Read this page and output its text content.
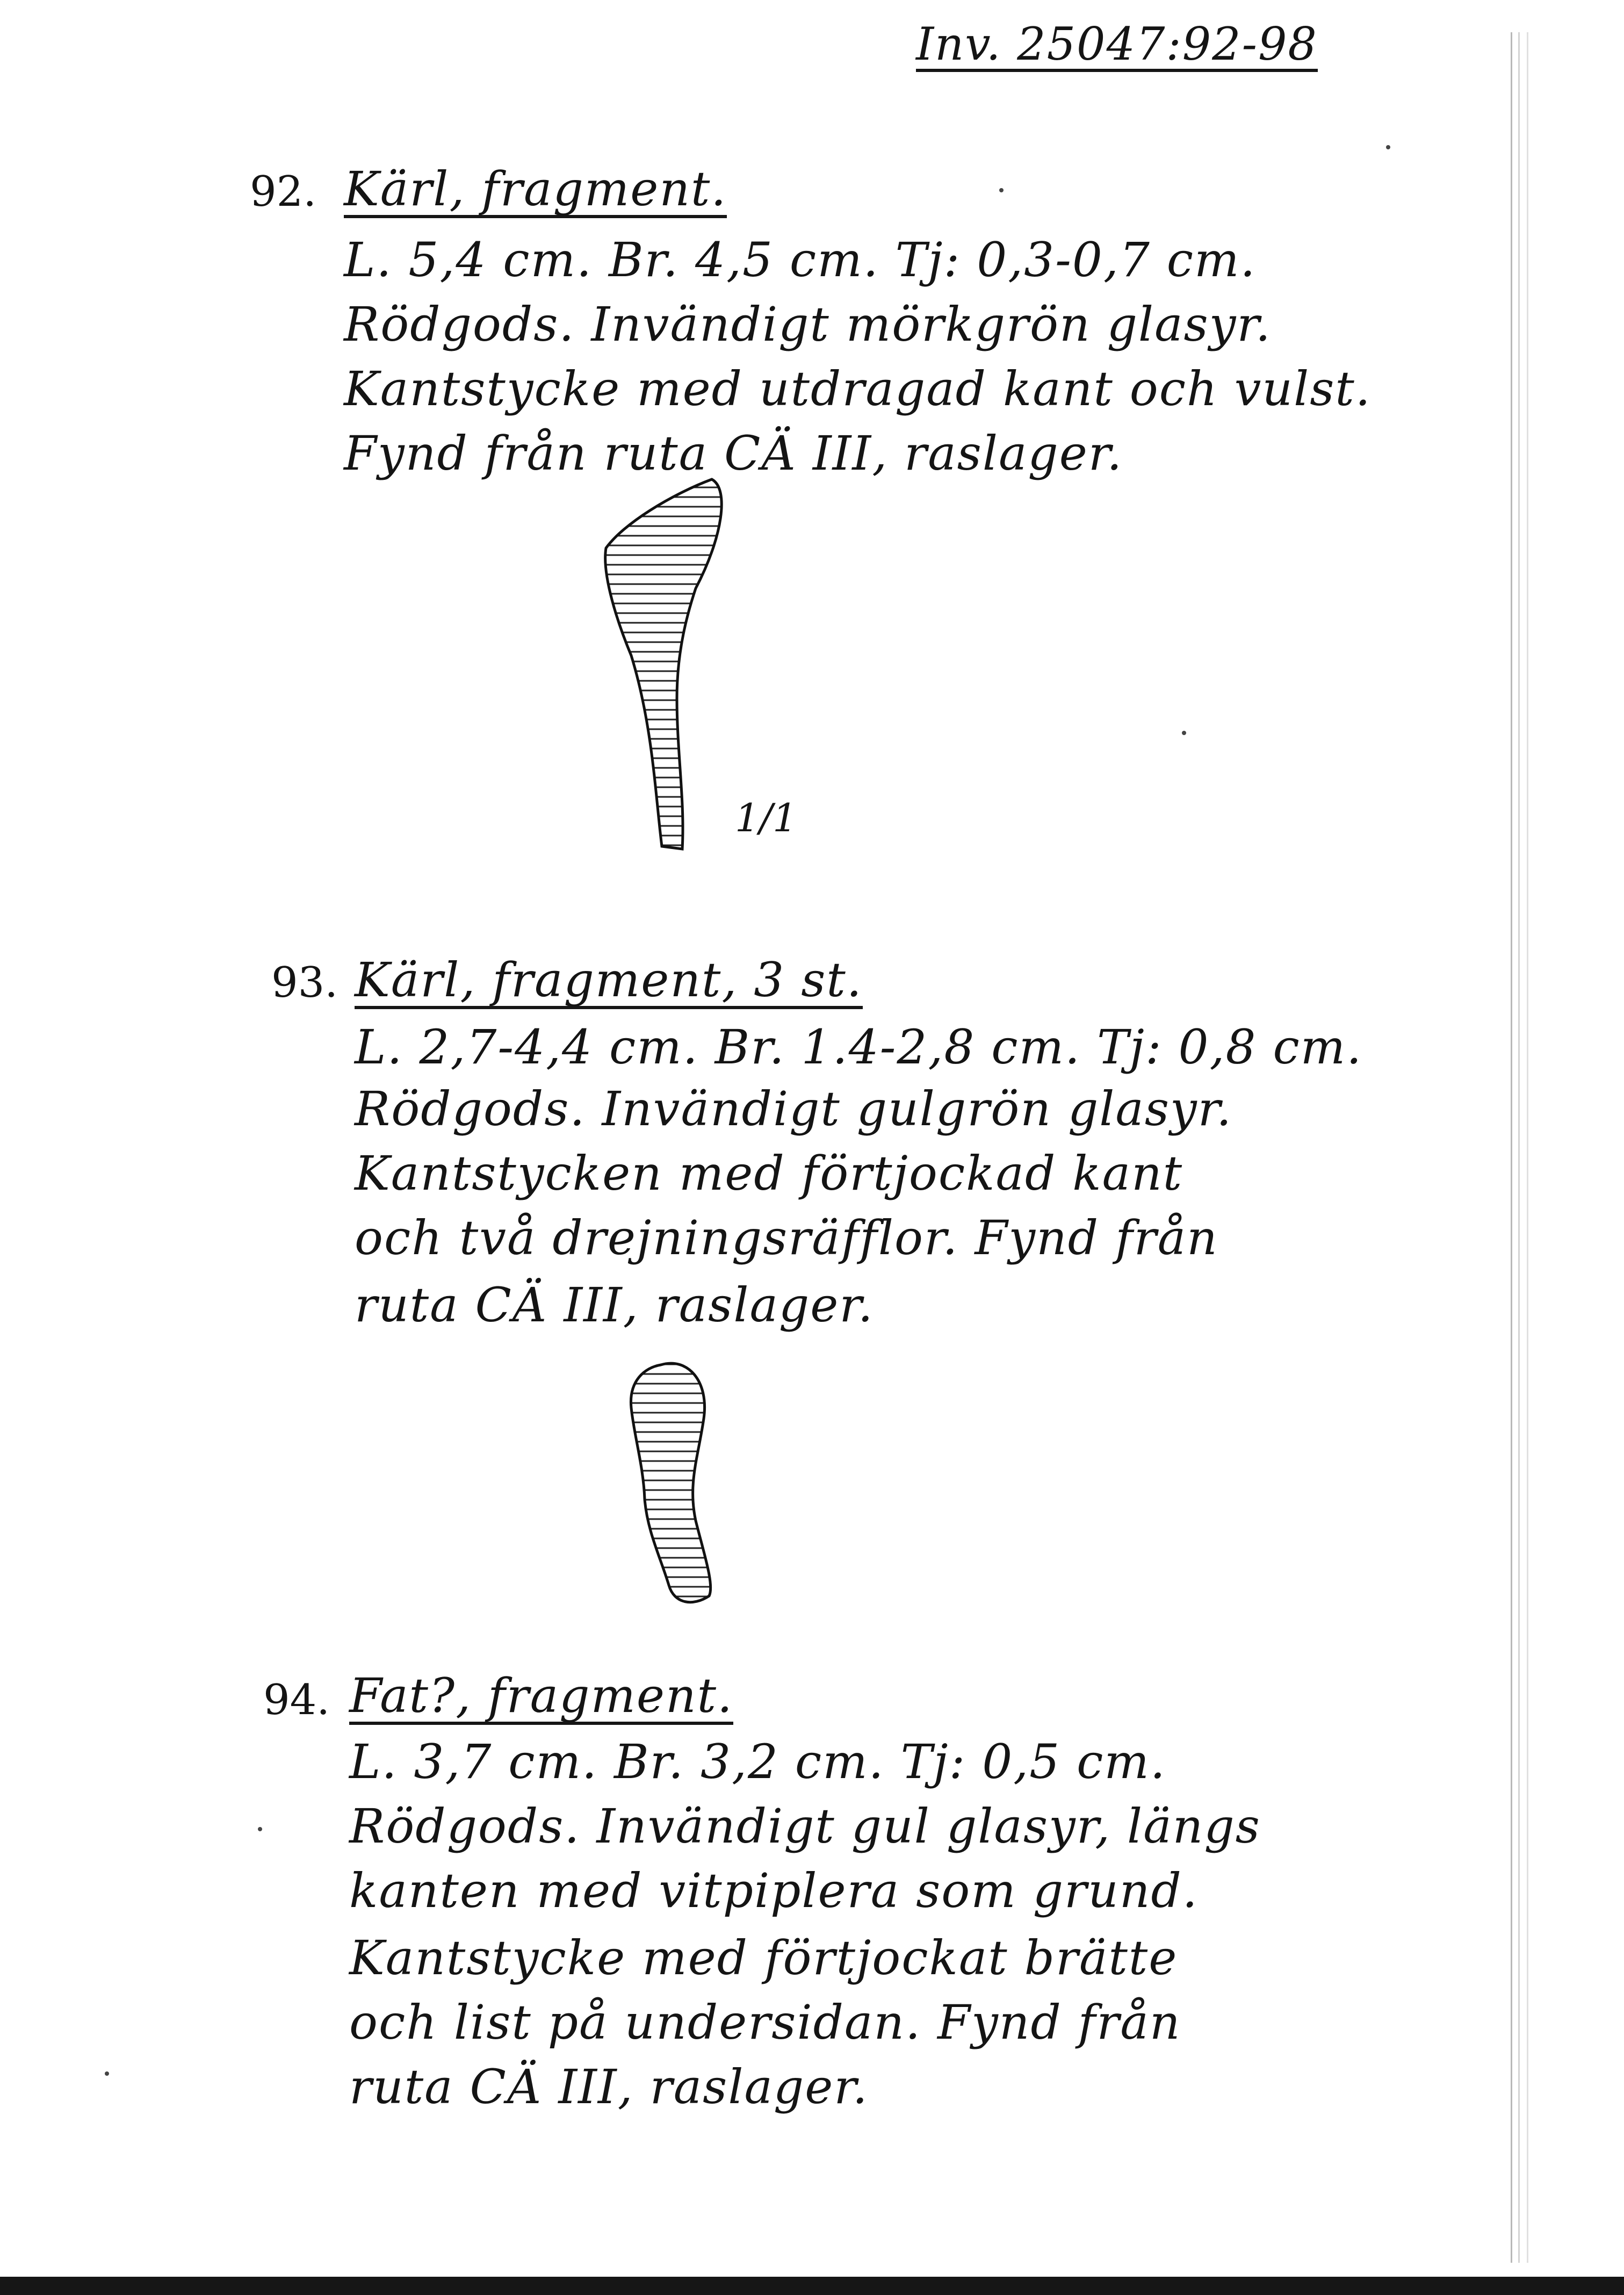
Inv. 25047:92-98
92. Kärl, fragment.
L. 5,4 cm. Br. 4,5 cm. Tj: 0,3-0,7 cm.
Rödgods. Invändigt mörkgrön glasyr.
Kantstycke med utdragad kant och vulst.
Fynd från ruta CÄ III, raslager.
1/1
93. Kärl, fragment, 3 st.
L. 2,7-4,4 cm. Br. 1.4-2,8 cm. Tj: 0,8 cm.
Rödgods. Invändigt gulgrön glasyr.
Kantstycken med förtjockad kant
och två drejningsräfflor. Fynd från
ruta CÄ III, raslager.
94. Fat?, fragment.
L. 3,7 cm. Br. 3,2 cm. Tj: 0,5 cm.
Rödgods. Invändigt gul glasyr, längs
kanten med vitpiplera som grund.
Kantstycke med förtjockat brätte
och list på undersidan. Fynd från
ruta CÄ III, raslager.
